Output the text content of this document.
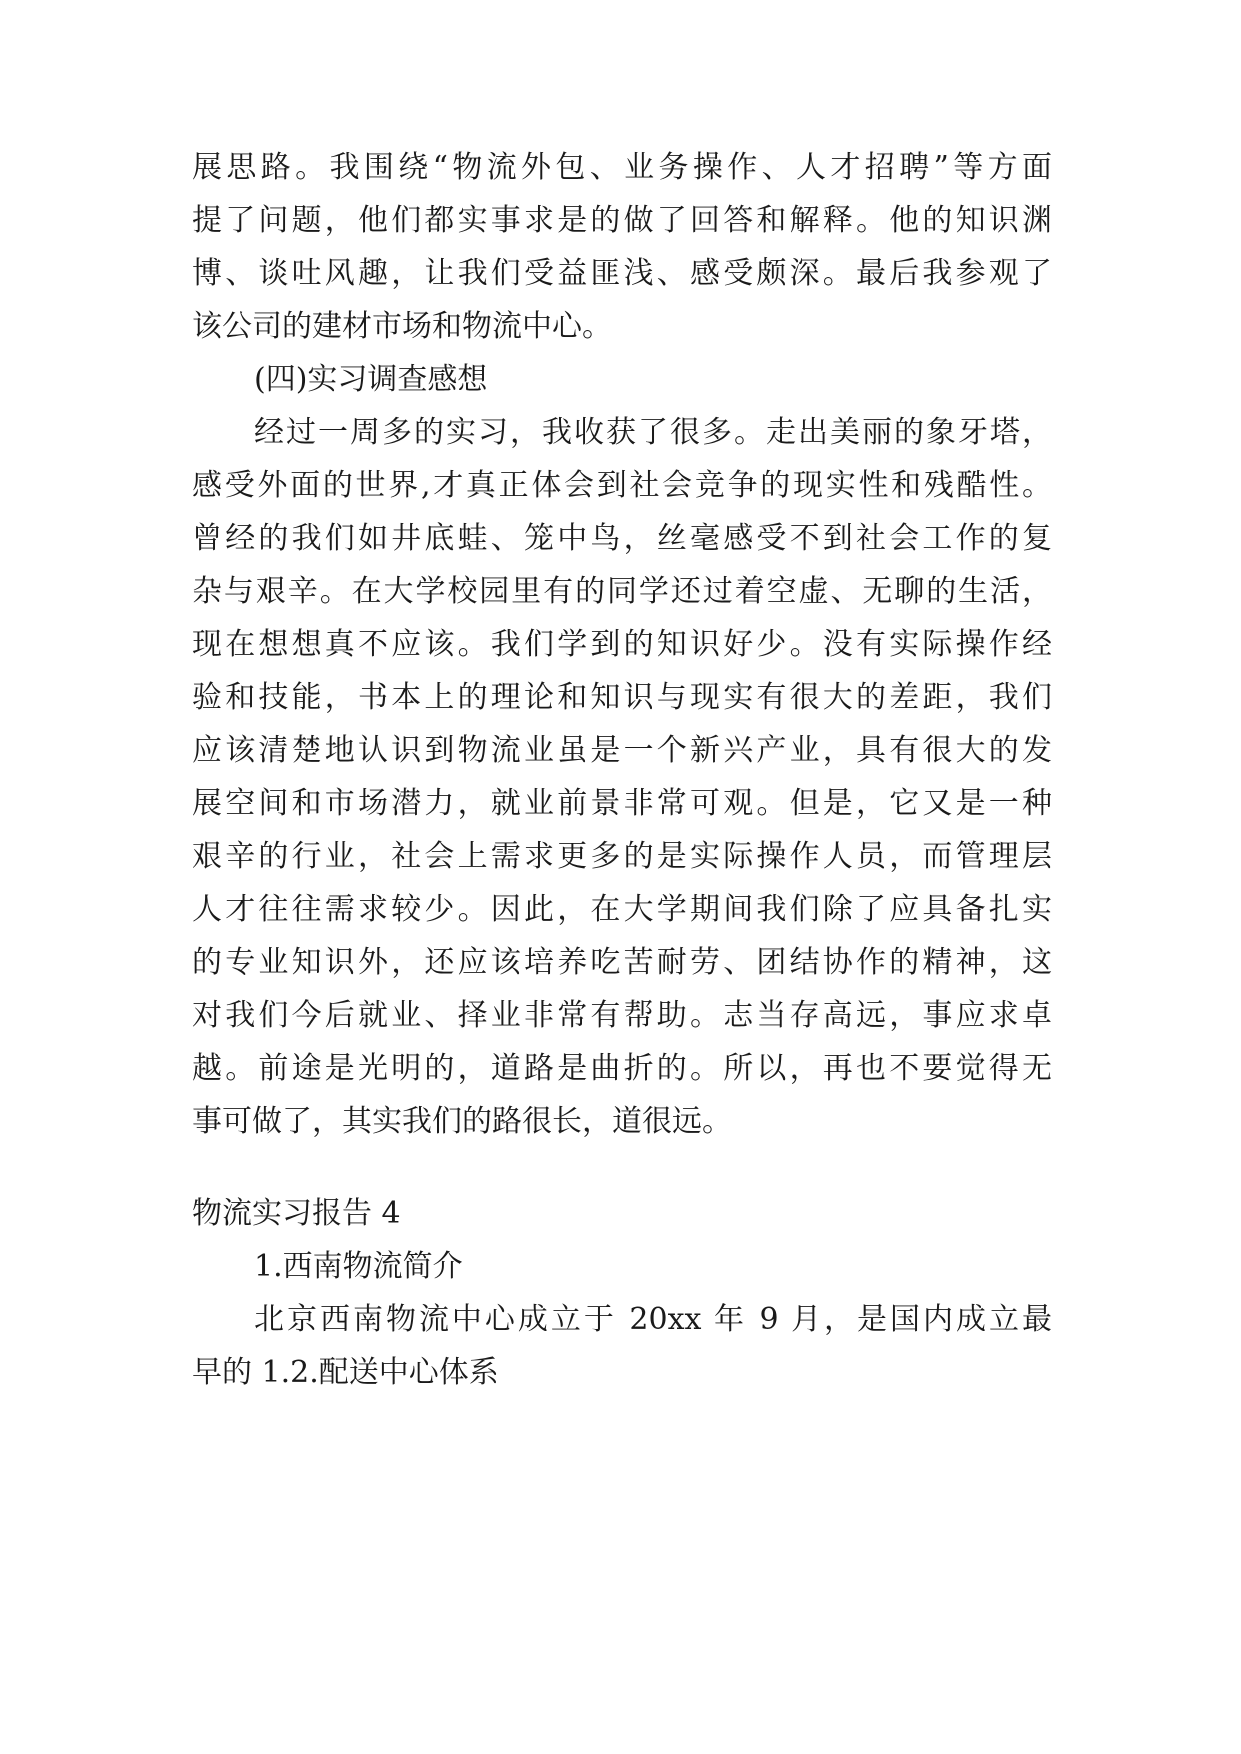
展思路。我围绕“物流外包、业务操作、人才招聘”等方面
提了问题，他们都实事求是的做了回答和解释。他的知识渊
博、谈吐风趣，让我们受益匪浅、感受颇深。最后我参观了
该公司的建材市场和物流中心。
(四)实习调查感想
经过一周多的实习，我收获了很多。走出美丽的象牙塔，
感受外面的世界,才真正体会到社会竞争的现实性和残酷性。
曾经的我们如井底蛙、笼中鸟，丝毫感受不到社会工作的复
杂与艰辛。在大学校园里有的同学还过着空虚、无聊的生活，
现在想想真不应该。我们学到的知识好少。没有实际操作经
验和技能，书本上的理论和知识与现实有很大的差距，我们
应该清楚地认识到物流业虽是一个新兴产业，具有很大的发
展空间和市场潜力，就业前景非常可观。但是，它又是一种
艰辛的行业，社会上需求更多的是实际操作人员，而管理层
人才往往需求较少。因此，在大学期间我们除了应具备扎实
的专业知识外，还应该培养吃苦耐劳、团结协作的精神，这
对我们今后就业、择业非常有帮助。志当存高远，事应求卓
越。前途是光明的，道路是曲折的。所以，再也不要觉得无
事可做了，其实我们的路很长，道很远。
物流实习报告 4
1.西南物流简介
北京西南物流中心成立于 20xx 年 9 月，是国内成立最
早的 1.2.配送中心体系
